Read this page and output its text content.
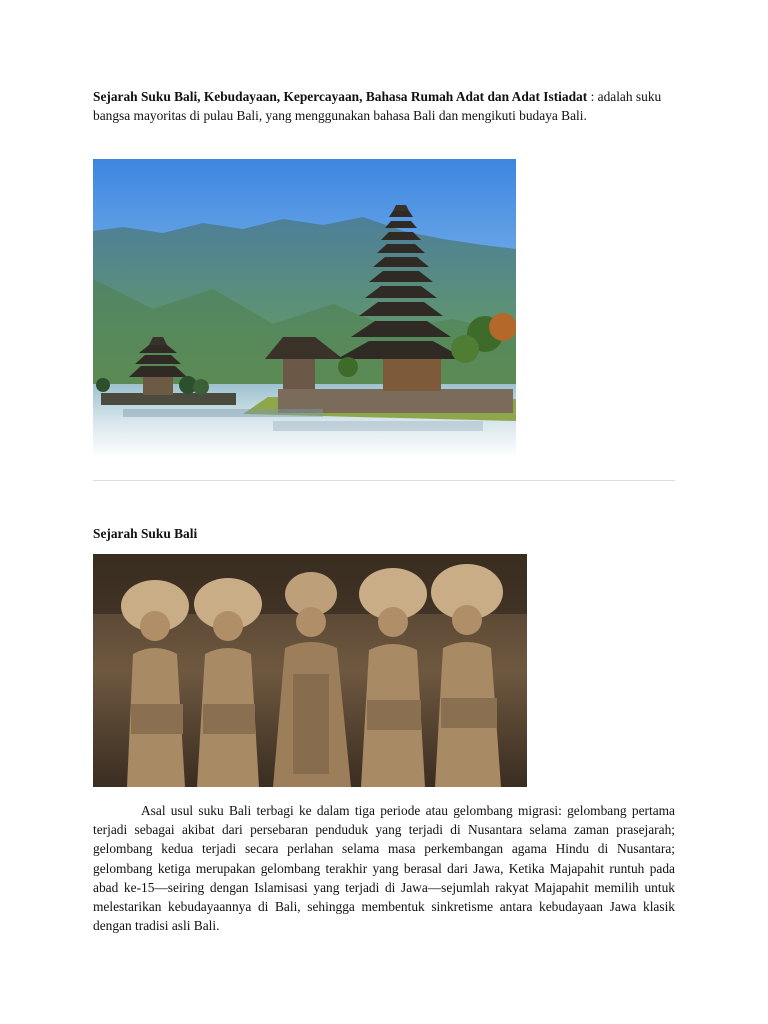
Sejarah Suku Bali, Kebudayaan, Kepercayaan, Bahasa Rumah Adat dan Adat Istiadat : adalah suku bangsa mayoritas di pulau Bali, yang menggunakan bahasa Bali dan mengikuti budaya Bali.
Sejarah Suku Bali
Asal usul suku Bali terbagi ke dalam tiga periode atau gelombang migrasi: gelombang pertama terjadi sebagai akibat dari persebaran penduduk yang terjadi di Nusantara selama zaman prasejarah; gelombang kedua terjadi secara perlahan selama masa perkembangan agama Hindu di Nusantara; gelombang ketiga merupakan gelombang terakhir yang berasal dari Jawa, Ketika Majapahit runtuh pada abad ke-15—seiring dengan Islamisasi yang terjadi di Jawa—sejumlah rakyat Majapahit memilih untuk melestarikan kebudayaannya di Bali, sehingga membentuk sinkretisme antara kebudayaan Jawa klasik dengan tradisi asli Bali.
